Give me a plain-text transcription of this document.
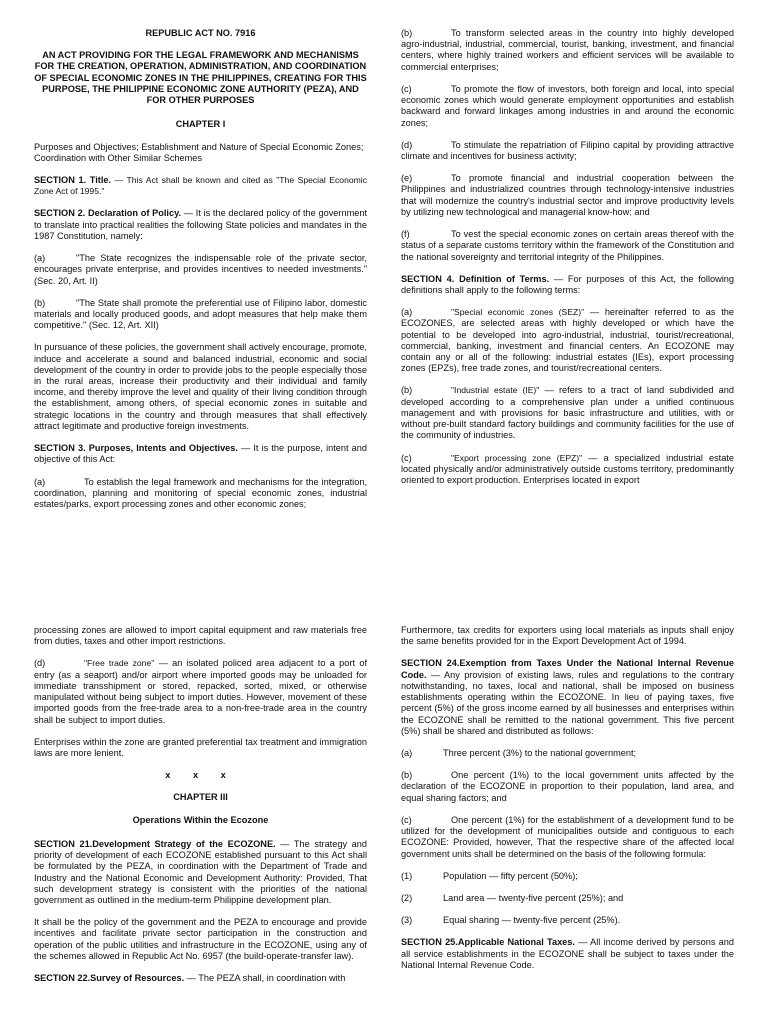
REPUBLIC ACT NO. 7916

AN ACT PROVIDING FOR THE LEGAL FRAMEWORK AND MECHANISMS FOR THE CREATION, OPERATION, ADMINISTRATION, AND COORDINATION OF SPECIAL ECONOMIC ZONES IN THE PHILIPPINES, CREATING FOR THIS PURPOSE, THE PHILIPPINE ECONOMIC ZONE AUTHORITY (PEZA), AND FOR OTHER PURPOSES

CHAPTER I

Purposes and Objectives; Establishment and Nature of Special Economic Zones; Coordination with Other Similar Schemes

SECTION 1. Title. — This Act shall be known and cited as "The Special Economic Zone Act of 1995."

SECTION 2. Declaration of Policy. — It is the declared policy of the government to translate into practical realities the following State policies and mandates in the 1987 Constitution, namely:

(a)	"The State recognizes the indispensable role of the private sector, encourages private enterprise, and provides incentives to needed investments." (Sec. 20, Art. II)

(b)	"The State shall promote the preferential use of Filipino labor, domestic materials and locally produced goods, and adopt measures that help make them competitive." (Sec. 12, Art. XII)

In pursuance of these policies, the government shall actively encourage, promote, induce and accelerate a sound and balanced industrial, economic and social development of the country in order to provide jobs to the people especially those in the rural areas, increase their productivity and their individual and family income, and thereby improve the level and quality of their living condition through the establishment, among others, of special economic zones in suitable and strategic locations in the country and through measures that shall effectively attract legitimate and productive foreign investments.

SECTION 3. Purposes, Intents and Objectives. — It is the purpose, intent and objective of this Act:

(a)	To establish the legal framework and mechanisms for the integration, coordination, planning and monitoring of special economic zones, industrial estates/parks, export processing zones and other economic zones;

(b)	To transform selected areas in the country into highly developed agro-industrial, industrial, commercial, tourist, banking, investment, and financial centers, where highly trained workers and efficient services will be available to commercial enterprises;

(c)	To promote the flow of investors, both foreign and local, into special economic zones which would generate employment opportunities and establish backward and forward linkages among industries in and around the economic zones;

(d)	To stimulate the repatriation of Filipino capital by providing attractive climate and incentives for business activity;

(e)	To promote financial and industrial cooperation between the Philippines and industrialized countries through technology-intensive industries that will modernize the country's industrial sector and improve productivity levels by utilizing new technological and managerial know-how; and

(f)	To vest the special economic zones on certain areas thereof with the status of a separate customs territory within the framework of the Constitution and the national sovereignty and territorial integrity of the Philippines.

SECTION 4. Definition of Terms. — For purposes of this Act, the following definitions shall apply to the following terms:

(a)	"Special economic zones (SEZ)" — hereinafter referred to as the ECOZONES, are selected areas with highly developed or which have the potential to be developed into agro-industrial, industrial, tourist/recreational, commercial, banking, investment and financial centers. An ECOZONE may contain any or all of the following: industrial estates (IEs), export processing zones (EPZs), free trade zones, and tourist/recreational centers.

(b)	"Industrial estate (IE)" — refers to a tract of land subdivided and developed according to a comprehensive plan under a unified continuous management and with provisions for basic infrastructure and utilities, with or without pre-built standard factory buildings and community facilities for the use of the community of industries.

(c)	"Export processing zone (EPZ)" — a specialized industrial estate located physically and/or administratively outside customs territory, predominantly oriented to export production. Enterprises located in export

processing zones are allowed to import capital equipment and raw materials free from duties, taxes and other import restrictions.

(d)	"Free trade zone" — an isolated policed area adjacent to a port of entry (as a seaport) and/or airport where imported goods may be unloaded for immediate transshipment or stored, repacked, sorted, mixed, or otherwise manipulated without being subject to import duties. However, movement of these imported goods from the free-trade area to a non-free-trade area in the country shall be subject to import duties.

Enterprises within the zone are granted preferential tax treatment and immigration laws are more lenient.

x x x

CHAPTER III

Operations Within the Ecozone

SECTION 21.Development Strategy of the ECOZONE. — The strategy and priority of development of each ECOZONE established pursuant to this Act shall be formulated by the PEZA, in coordination with the Department of Trade and Industry and the National Economic and Development Authority: Provided, That such development strategy is consistent with the priorities of the national government as outlined in the medium-term Philippine development plan.

It shall be the policy of the government and the PEZA to encourage and provide incentives and facilitate private sector participation in the construction and operation of the public utilities and infrastructure in the ECOZONE, using any of the schemes allowed in Republic Act No. 6957 (the build-operate-transfer law).

SECTION 22.Survey of Resources. — The PEZA shall, in coordination with

Furthermore, tax credits for exporters using local materials as inputs shall enjoy the same benefits provided for in the Export Development Act of 1994.

SECTION 24.Exemption from Taxes Under the National Internal Revenue Code. — Any provision of existing laws, rules and regulations to the contrary notwithstanding, no taxes, local and national, shall be imposed on business establishments operating within the ECOZONE. In lieu of paying taxes, five percent (5%) of the gross income earned by all businesses and enterprises within the ECOZONE shall be remitted to the national government. This five percent (5%) shall be shared and distributed as follows:

(a)	Three percent (3%) to the national government;

(b)	One percent (1%) to the local government units affected by the declaration of the ECOZONE in proportion to their population, land area, and equal sharing factors; and

(c)	One percent (1%) for the establishment of a development fund to be utilized for the development of municipalities outside and contiguous to each ECOZONE: Provided, however, That the respective share of the affected local government units shall be determined on the basis of the following formula:

(1)	Population — fifty percent (50%);

(2)	Land area — twenty-five percent (25%); and

(3)	Equal sharing — twenty-five percent (25%).

SECTION 25.Applicable National Taxes. — All income derived by persons and all service establishments in the ECOZONE shall be subject to taxes under the National Internal Revenue Code.
